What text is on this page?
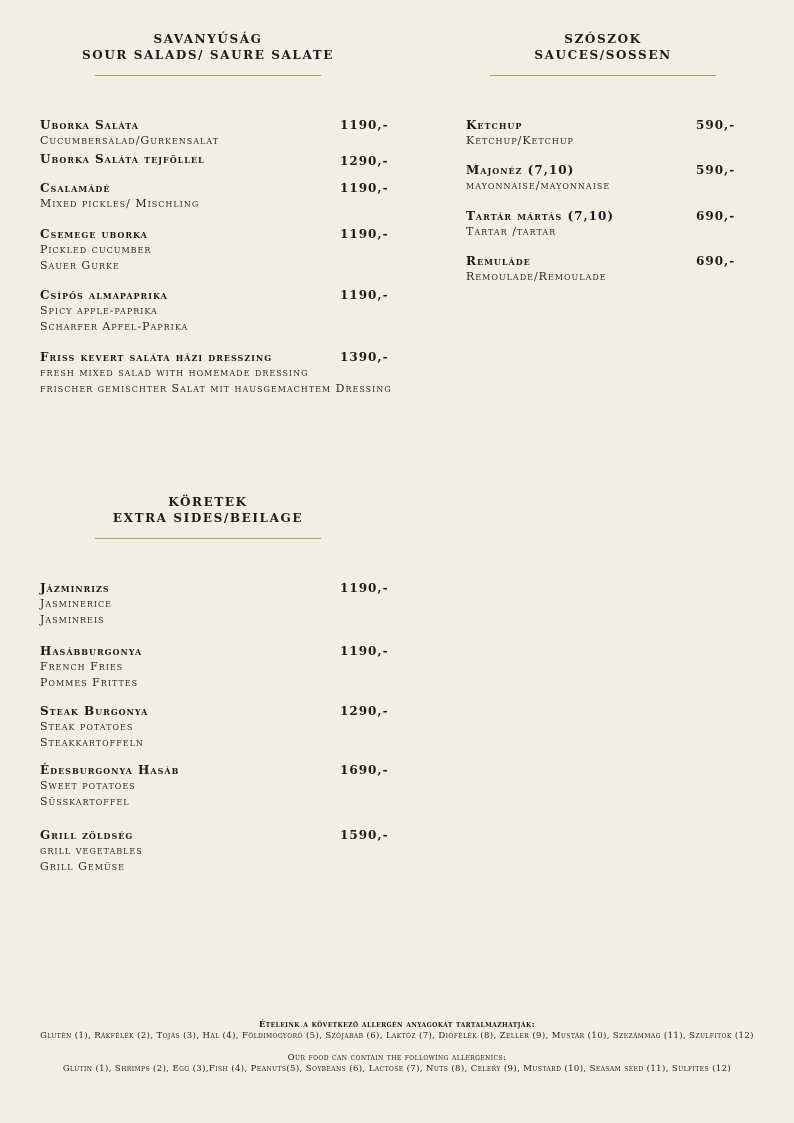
SAVANYÚSÁG
SOUR SALADS/ SAURE SALATE
SZÓSZOK
SAUCES/SOSSEN
KÖRETEK
EXTRA SIDES/BEILAGE
Uborka Saláta
Cucumbersalad/Gurkensalat
1190,-
Uborka Saláta tejföllel	1290,-
Csalamádé
Mixed pickles/ Mischling
1190,-
Csemege uborka
Pickled cucumber
Sauer Gurke
1190,-
Csípős almapaprika
Spicy apple-paprika
Scharfer Apfel-Paprika
1190,-
Friss kevert saláta házi dresszing
fresh mixed salad with homemade dressing
frischer gemischter Salat mit hausgemachtem Dressing
1390,-
Ketchup
Ketchup/Ketchup
590,-
Majonéz (7,10)
mayonnaise/mayonnaise
590,-
Tartár mártás (7,10)
Tartar /tartar
690,-
Remuláde
Remoulade/Remoulade
690,-
Jázminrizs
Jasminerice
Jasminreis
1190,-
Hasábburgonya
French Fries
Pommes Frittes
1190,-
Steak Burgonya
Steak potatoes
Steakkartoffeln
1290,-
Édesburgonya Hasáb
Sweet potatoes
Süsskartoffel
1690,-
Grill zöldség
grill vegetables
Grill Gemüse
1590,-
Ételeink a következő allergén anyagokat tartalmazhatják:
Glutén (1), Rákfélék (2), Tojás (3), Hal (4), Földimogyoró (5), Szójabab (6), Laktóz (7), Diófélék (8), Zeller (9), Mustár (10), Szezámmag (11), Szulfitok (12)
Our food can contain the following allergenics:
Glutin (1), Shrimps (2), Egg (3),Fish (4), Peanuts(5), Soybeans (6), Lactose (7), Nuts (8), Celery (9), Mustard (10), Seasam seed (11), Sulfites (12)
